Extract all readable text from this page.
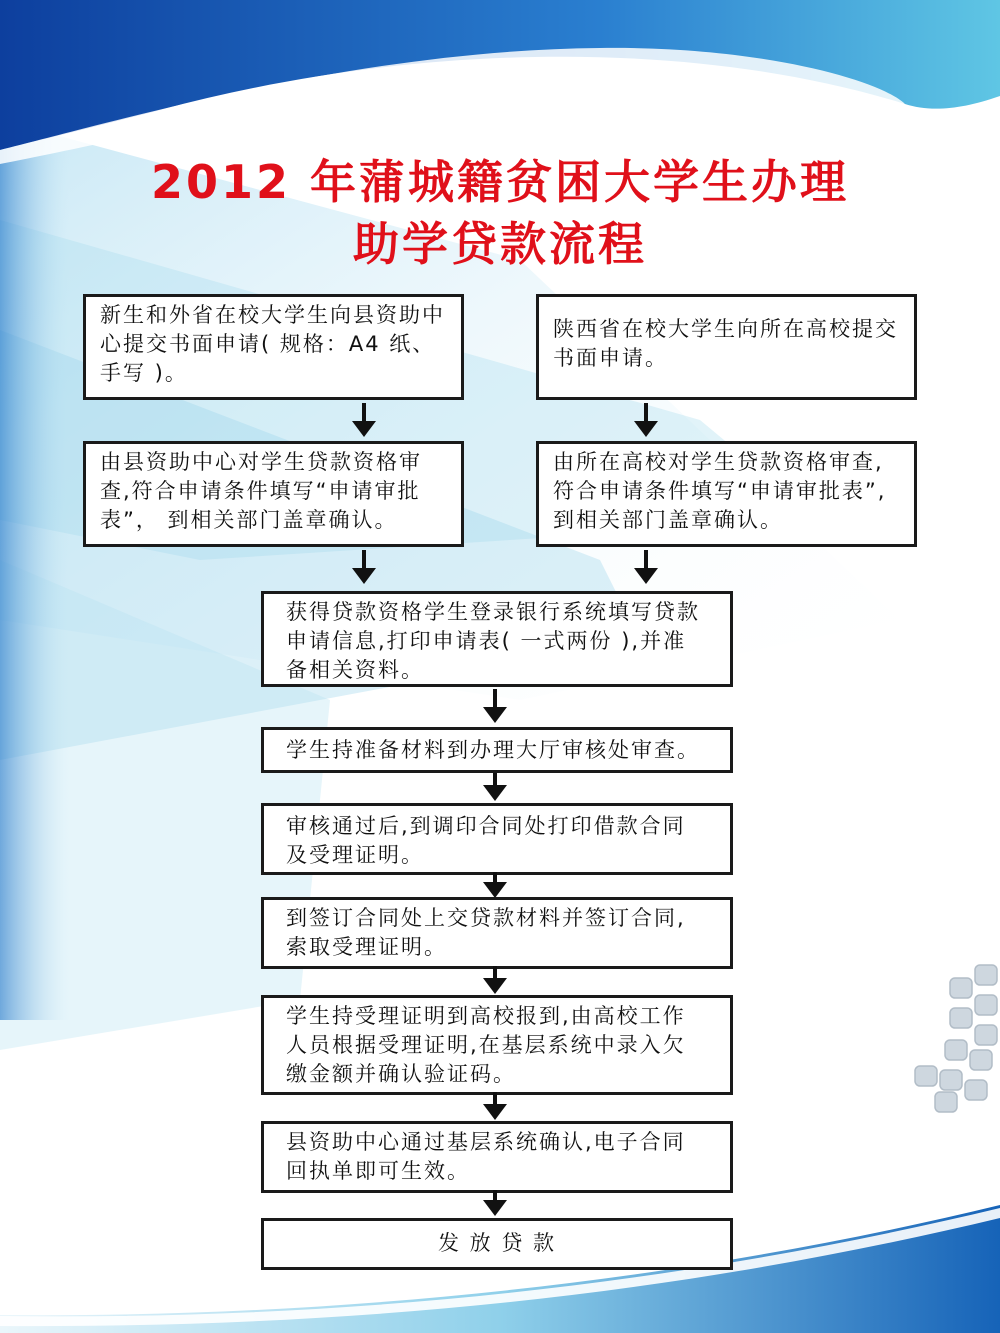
2012 年蒲城籍贫困大学生办理
助学贷款流程
新生和外省在校大学生向县资助中心提交书面申请( 规格：A4 纸、手写 )。
陕西省在校大学生向所在高校提交书面申请。
由县资助中心对学生贷款资格审查,符合申请条件填写“申请审批表”， 到相关部门盖章确认。
由所在高校对学生贷款资格审查,符合申请条件填写“申请审批表”,到相关部门盖章确认。
获得贷款资格学生登录银行系统填写贷款申请信息,打印申请表( 一式两份 ),并准备相关资料。
学生持准备材料到办理大厅审核处审查。
审核通过后,到调印合同处打印借款合同及受理证明。
到签订合同处上交贷款材料并签订合同,索取受理证明。
学生持受理证明到高校报到,由高校工作人员根据受理证明,在基层系统中录入欠缴金额并确认验证码。
县资助中心通过基层系统确认,电子合同回执单即可生效。
发 放 贷 款
